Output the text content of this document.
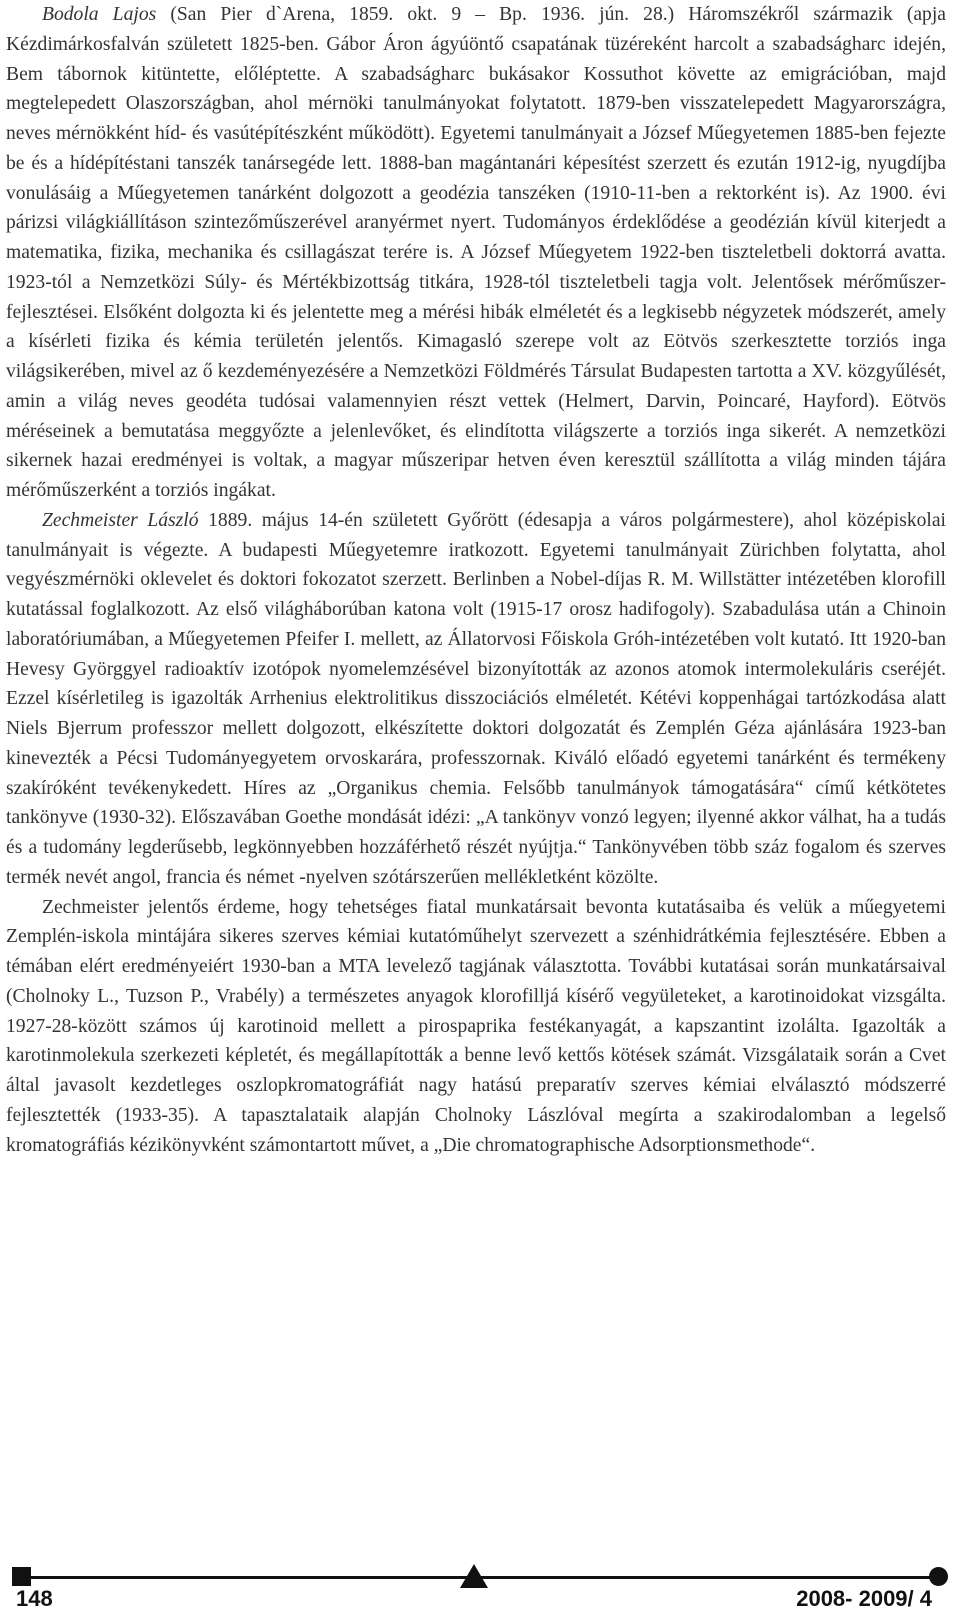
Bodola Lajos (San Pier d`Arena, 1859. okt. 9 – Bp. 1936. jún. 28.) Háromszékről származik (apja Kézdimárkosfalván született 1825-ben. Gábor Áron ágyúöntő csapatának tüzéreként harcolt a szabadságharc idején, Bem tábornok kitüntette, előléptette. A szabadságharc bukásakor Kossuthot követte az emigrációban, majd megtelepedett Olaszországban, ahol mérnöki tanulmányokat folytatott. 1879-ben visszatelepedett Magyarországra, neves mérnökként híd- és vasútépítészként működött). Egyetemi tanulmányait a József Műegyetemen 1885-ben fejezte be és a hídépítéstani tanszék tanársegéde lett. 1888-ban magántanári képesítést szerzett és ezután 1912-ig, nyugdíjba vonulásáig a Műegyetemen tanárként dolgozott a geodézia tanszéken (1910-11-ben a rektorként is). Az 1900. évi párizsi világkiállításon szintezőműszerével aranyérmet nyert. Tudományos érdeklődése a geodézián kívül kiterjedt a matematika, fizika, mechanika és csillagászat terére is. A József Műegyetem 1922-ben tiszteletbeli doktorrá avatta. 1923-tól a Nemzetközi Súly- és Mértékbizottság titkára, 1928-tól tiszteletbeli tagja volt. Jelentősek mérőműszer-fejlesztései. Elsőként dolgozta ki és jelentette meg a mérési hibák elméletét és a legkisebb négyzetek módszerét, amely a kísérleti fizika és kémia területén jelentős. Kimagasló szerepe volt az Eötvös szerkesztette torziós inga világsikerében, mivel az ő kezdeményezésére a Nemzetközi Földmérés Társulat Budapesten tartotta a XV. közgyűlését, amin a világ neves geodéta tudósai valamennyien részt vettek (Helmert, Darvin, Poincaré, Hayford). Eötvös méréseinek a bemutatása meggyőzte a jelenlevőket, és elindította világszerte a torziós inga sikerét. A nemzetközi sikernek hazai eredményei is voltak, a magyar műszeripar hetven éven keresztül szállította a világ minden tájára mérőműszerként a torziós ingákat.

Zechmeister László 1889. május 14-én született Győrött (édesapja a város polgármestere), ahol középiskolai tanulmányait is végezte. A budapesti Műegyetemre iratkozott. Egyetemi tanulmányait Zürichben folytatta, ahol vegyészmérnöki oklevelet és doktori fokozatot szerzett. Berlinben a Nobel-díjas R. M. Willstätter intézetében klorofill kutatással foglalkozott. Az első világháborúban katona volt (1915-17 orosz hadifogoly). Szabadulása után a Chinoin laboratóriumában, a Műegyetemen Pfeifer I. mellett, az Állatorvosi Főiskola Gróh-intézetében volt kutató. Itt 1920-ban Hevesy Györggyel radioaktív izotópok nyomelemzésével bizonyították az azonos atomok intermolekuláris cseréjét. Ezzel kísérletileg is igazolták Arrhenius elektrolitikus disszociációs elméletét. Kétévi koppenhágai tartózkodása alatt Niels Bjerrum professzor mellett dolgozott, elkészítette doktori dolgozatát és Zemplén Géza ajánlására 1923-ban kinevezték a Pécsi Tudományegyetem orvoskarára, professzornak. Kiváló előadó egyetemi tanárként és termékeny szakíróként tevékenykedett. Híres az „Organikus chemia. Felsőbb tanulmányok támogatására“ című kétkötetes tankönyve (1930-32). Előszavában Goethe mondását idézi: „A tankönyv vonzó legyen; ilyenné akkor válhat, ha a tudás és a tudomány legderűsebb, legkönnyebben hozzáférhető részét nyújtja.“ Tankönyvében több száz fogalom és szerves termék nevét angol, francia és német -nyelven szótárszerűen mellékletként közölte.

Zechmeister jelentős érdeme, hogy tehetséges fiatal munkatársait bevonta kutatásaiba és velük a műegyetemi Zemplén-iskola mintájára sikeres szerves kémiai kutatóműhelyt szervezett a szénhidrátkémia fejlesztésére. Ebben a témában elért eredményeiért 1930-ban a MTA levelező tagjának választotta. További kutatásai során munkatársaival (Cholnoky L., Tuzson P., Vrabély) a természetes anyagok klorofilljá kísérő vegyületeket, a karotinoidokat vizsgálta. 1927-28-között számos új karotinoid mellett a pirospaprika festékanyagát, a kapszantint izolálta. Igazolták a karotinmolekula szerkezeti képletét, és megállapították a benne levő kettős kötések számát. Vizsgálataik során a Cvet által javasolt kezdetleges oszlopkromatográfiát nagy hatású preparatív szerves kémiai elválasztó módszerré fejlesztették (1933-35). A tapasztalataik alapján Cholnoky Lászlóval megírta a szakirodalomban a legelső kromatográfiás kézikönyvként számontartott művet, a „Die chromatographische Adsorptionsmethode“.

148	2008- 2009/ 4
